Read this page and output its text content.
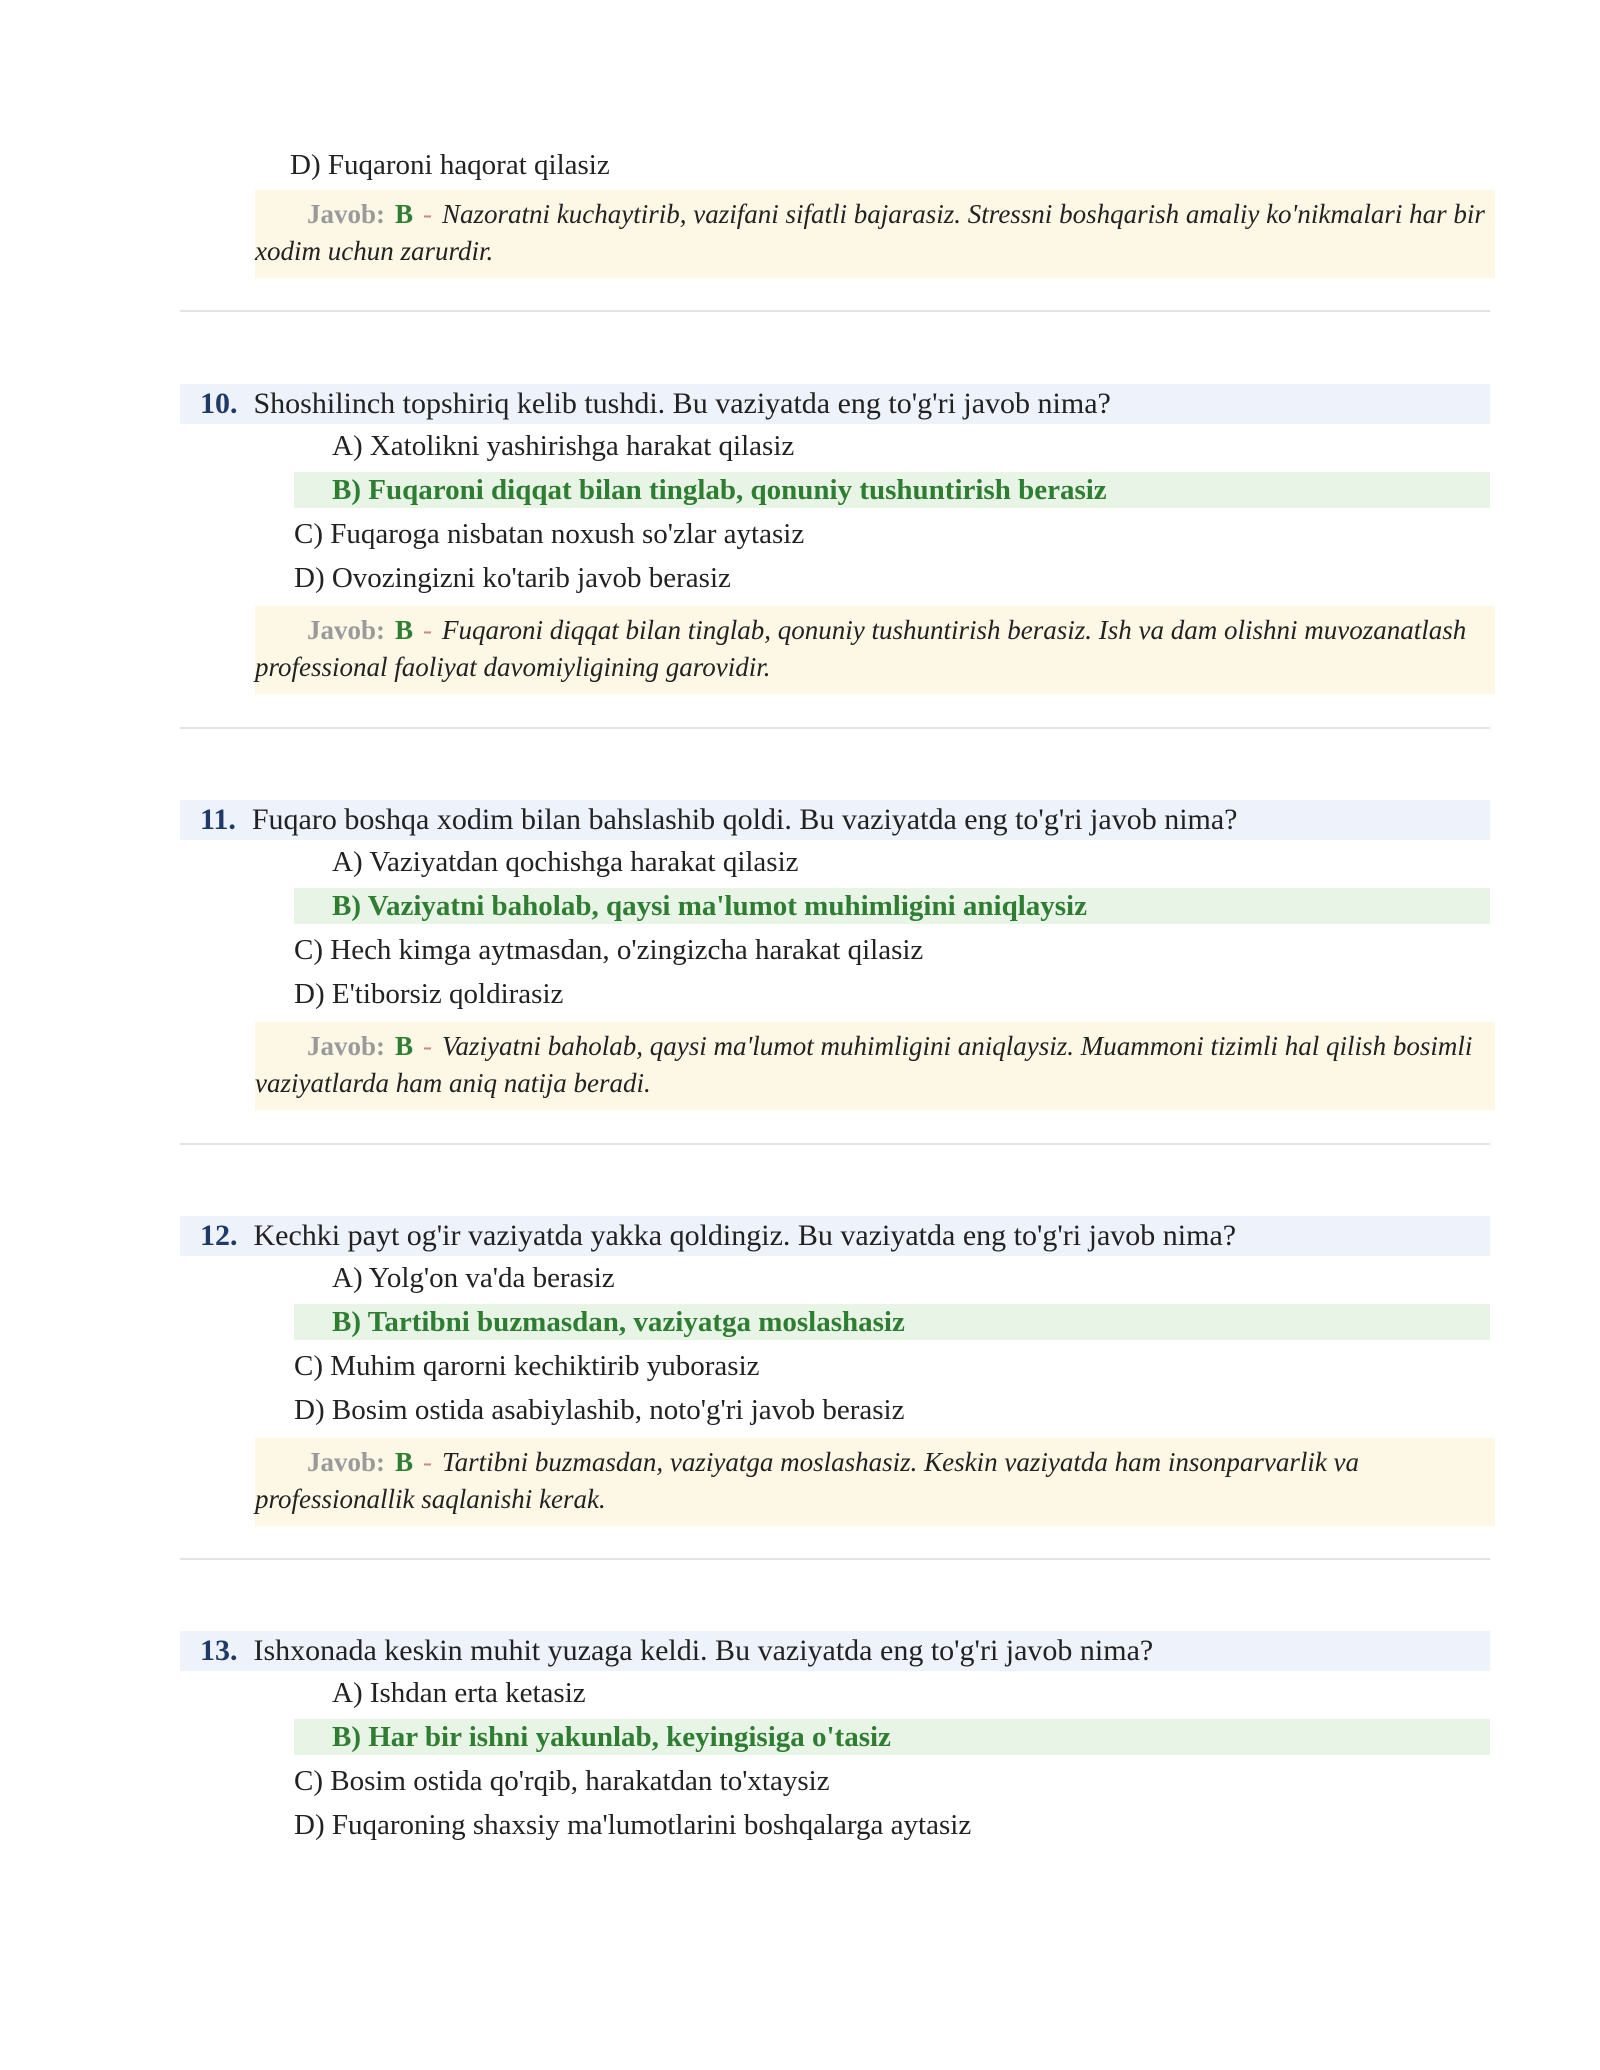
D) Fuqaroni haqorat qilasiz
Javob: B - Nazoratni kuchaytirib, vazifani sifatli bajarasiz. Stressni boshqarish amaliy ko'nikmalari har bir xodim uchun zarurdir.
10. Shoshilinch topshiriq kelib tushdi. Bu vaziyatda eng to'g'ri javob nima?
A) Xatolikni yashirishga harakat qilasiz
B) Fuqaroni diqqat bilan tinglab, qonuniy tushuntirish berasiz
C) Fuqaroga nisbatan noxush so'zlar aytasiz
D) Ovozingizni ko'tarib javob berasiz
Javob: B - Fuqaroni diqqat bilan tinglab, qonuniy tushuntirish berasiz. Ish va dam olishni muvozanatlash professional faoliyat davomiyligining garovidir.
11. Fuqaro boshqa xodim bilan bahslashib qoldi. Bu vaziyatda eng to'g'ri javob nima?
A) Vaziyatdan qochishga harakat qilasiz
B) Vaziyatni baholab, qaysi ma'lumot muhimligini aniqlaysiz
C) Hech kimga aytmasdan, o'zingizcha harakat qilasiz
D) E'tiborsiz qoldirasiz
Javob: B - Vaziyatni baholab, qaysi ma'lumot muhimligini aniqlaysiz. Muammoni tizimli hal qilish bosimli vaziyatlarda ham aniq natija beradi.
12. Kechki payt og'ir vaziyatda yakka qoldingiz. Bu vaziyatda eng to'g'ri javob nima?
A) Yolg'on va'da berasiz
B) Tartibni buzmasdan, vaziyatga moslashasiz
C) Muhim qarorni kechiktirib yuborasiz
D) Bosim ostida asabiylashib, noto'g'ri javob berasiz
Javob: B - Tartibni buzmasdan, vaziyatga moslashasiz. Keskin vaziyatda ham insonparvarlik va professionallik saqlanishi kerak.
13. Ishxonada keskin muhit yuzaga keldi. Bu vaziyatda eng to'g'ri javob nima?
A) Ishdan erta ketasiz
B) Har bir ishni yakunlab, keyingisiga o'tasiz
C) Bosim ostida qo'rqib, harakatdan to'xtaysiz
D) Fuqaroning shaxsiy ma'lumotlarini boshqalarga aytasiz
